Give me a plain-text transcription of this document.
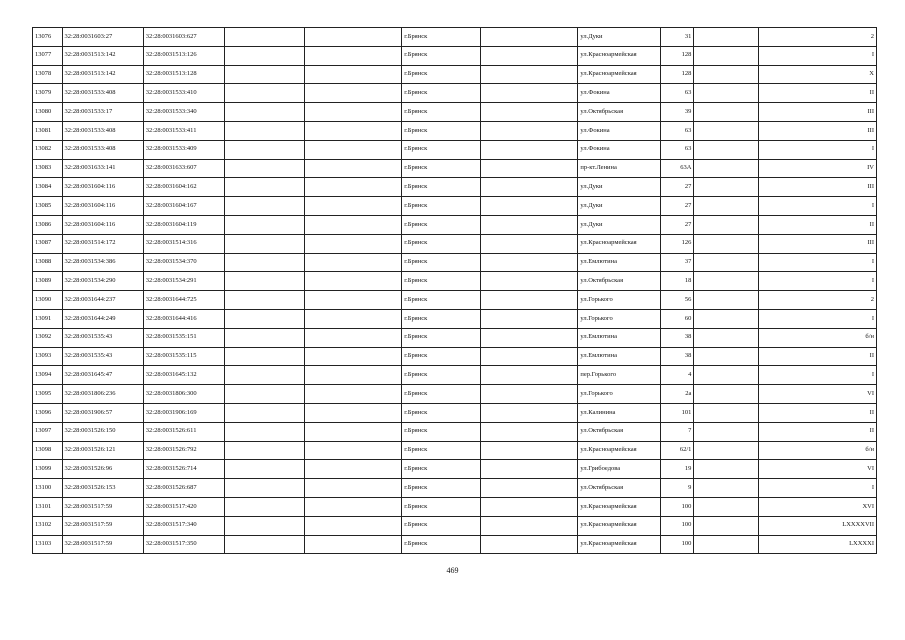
13076	32:28:0031603:27	32:28:0031603:627			г.Брянск		ул.Дуки	31		2
13077	32:28:0031513:142	32:28:0031513:126			г.Брянск		ул.Красноармейская	128		I
13078	32:28:0031513:142	32:28:0031513:128			г.Брянск		ул.Красноармейская	128		X
13079	32:28:0031533:408	32:28:0031533:410			г.Брянск		ул.Фокина	63		II
13080	32:28:0031533:17	32:28:0031533:340			г.Брянск		ул.Октябрьская	39		III
13081	32:28:0031533:408	32:28:0031533:411			г.Брянск		ул.Фокина	63		III
13082	32:28:0031533:408	32:28:0031533:409			г.Брянск		ул.Фокина	63		I
13083	32:28:0031633:141	32:28:0031633:607			г.Брянск		пр-кт.Ленина	63А		IV
13084	32:28:0031604:116	32:28:0031604:162			г.Брянск		ул.Дуки	27		III
13085	32:28:0031604:116	32:28:0031604:167			г.Брянск		ул.Дуки	27		I
13086	32:28:0031604:116	32:28:0031604:119			г.Брянск		ул.Дуки	27		II
13087	32:28:0031514:172	32:28:0031514:316			г.Брянск		ул.Красноармейская	126		III
13088	32:28:0031534:386	32:28:0031534:370			г.Брянск		ул.Емлютина	37		I
13089	32:28:0031534:290	32:28:0031534:291			г.Брянск		ул.Октябрьская	18		I
13090	32:28:0031644:237	32:28:0031644:725			г.Брянск		ул.Горького	56		2
13091	32:28:0031644:249	32:28:0031644:416			г.Брянск		ул.Горького	60		I
13092	32:28:0031535:43	32:28:0031535:151			г.Брянск		ул.Емлютина	38		б/н
13093	32:28:0031535:43	32:28:0031535:115			г.Брянск		ул.Емлютина	38		II
13094	32:28:0031645:47	32:28:0031645:132			г.Брянск		пер.Горького	4		I
13095	32:28:0031806:236	32:28:0031806:300			г.Брянск		ул.Горького	2а		VI
13096	32:28:0031906:57	32:28:0031906:169			г.Брянск		ул.Калинина	101		II
13097	32:28:0031526:150	32:28:0031526:611			г.Брянск		ул.Октябрьская	7		II
13098	32:28:0031526:121	32:28:0031526:792			г.Брянск		ул.Красноармейская	62/1		б/н
13099	32:28:0031526:96	32:28:0031526:714			г.Брянск		ул.Грибоедова	19		VI
13100	32:28:0031526:153	32:28:0031526:687			г.Брянск		ул.Октябрьская	9		I
13101	32:28:0031517:59	32:28:0031517:420			г.Брянск		ул.Красноармейская	100		XVI
13102	32:28:0031517:59	32:28:0031517:340			г.Брянск		ул.Красноармейская	100		LXXXXVII
13103	32:28:0031517:59	32:28:0031517:350			г.Брянск		ул.Красноармейская	100		LXXXXI
469
